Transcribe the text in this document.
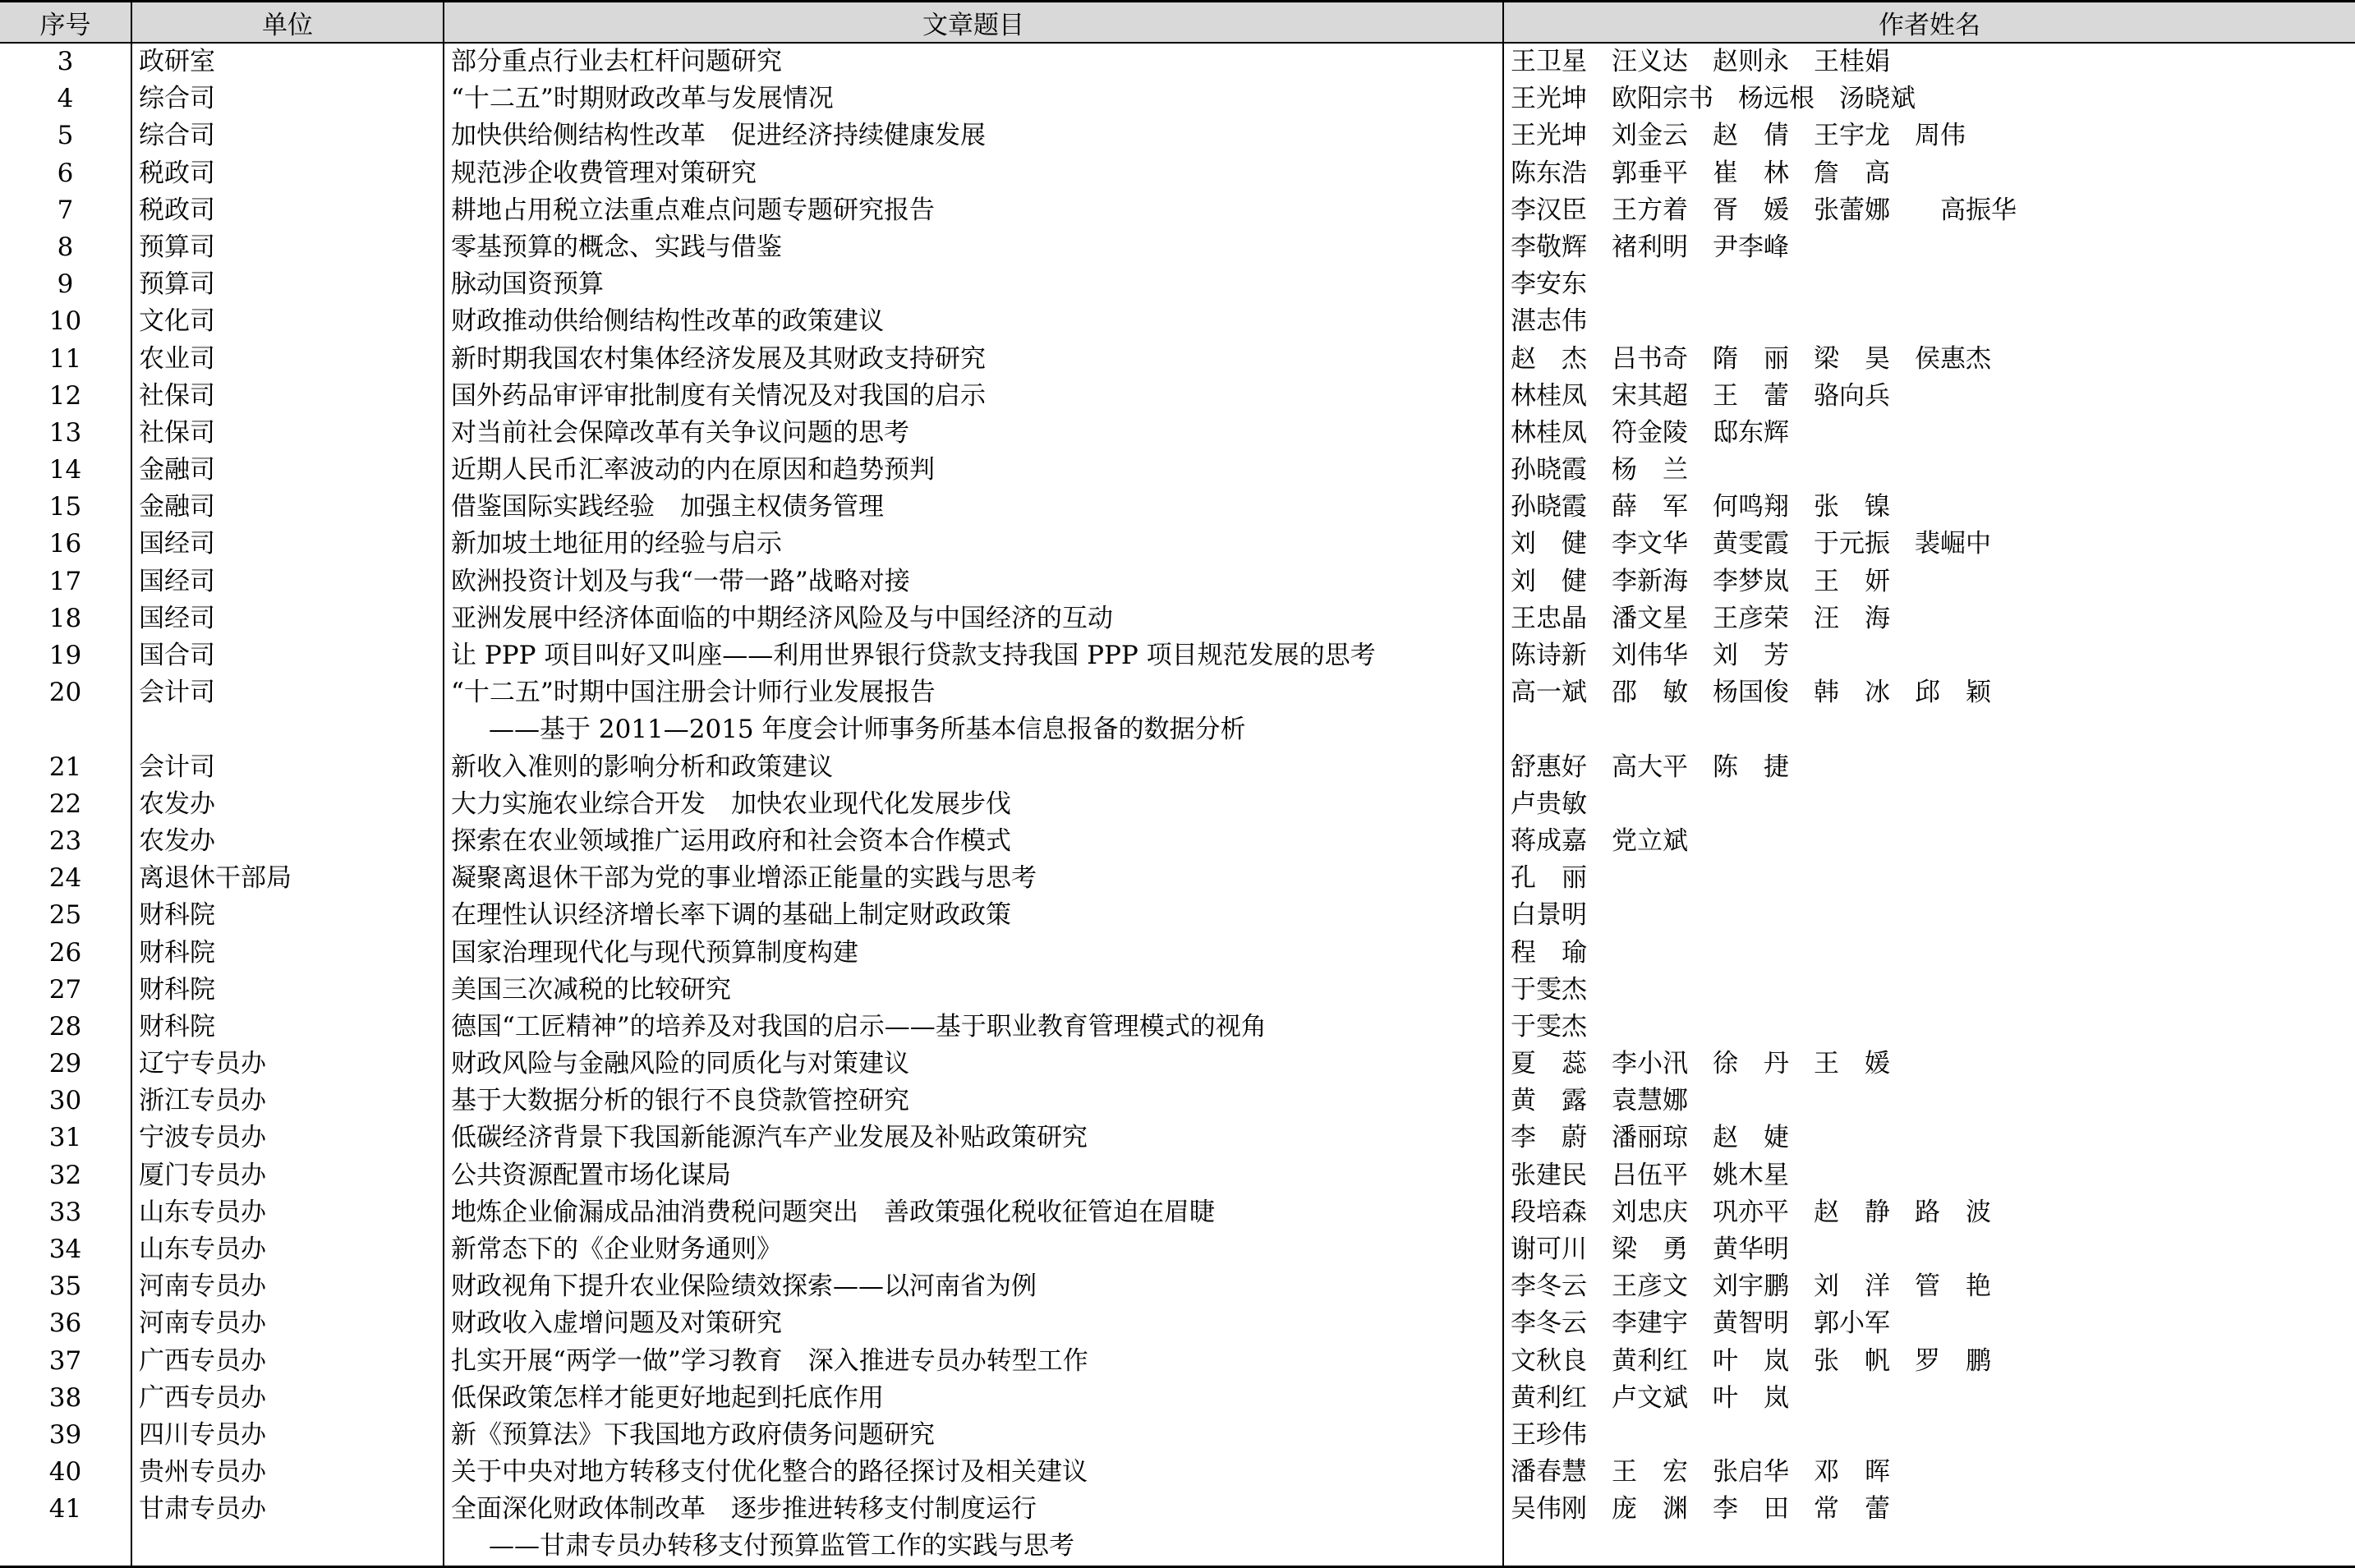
序号	单位	文章题目	作者姓名
3	政研室	部分重点行业去杠杆问题研究	王卫星 汪义达 赵则永 王桂娟
4	综合司	“十二五”时期财政改革与发展情况	王光坤 欧阳宗书 杨远根 汤晓斌
5	综合司	加快供给侧结构性改革　促进经济持续健康发展	王光坤 刘金云 赵　倩 王宇龙 周伟
6	税政司	规范涉企收费管理对策研究	陈东浩 郭垂平 崔　林 詹　高
7	税政司	耕地占用税立法重点难点问题专题研究报告	李汉臣 王方着 胥　媛 张蕾娜　高振华
8	预算司	零基预算的概念、实践与借鉴	李敬辉 褚利明 尹李峰
9	预算司	脉动国资预算	李安东
10	文化司	财政推动供给侧结构性改革的政策建议	湛志伟
11	农业司	新时期我国农村集体经济发展及其财政支持研究	赵　杰 吕书奇 隋　丽 梁　昊 侯惠杰
12	社保司	国外药品审评审批制度有关情况及对我国的启示	林桂凤 宋其超 王　蕾 骆向兵
13	社保司	对当前社会保障改革有关争议问题的思考	林桂凤 符金陵 邸东辉
14	金融司	近期人民币汇率波动的内在原因和趋势预判	孙晓霞 杨　兰
15	金融司	借鉴国际实践经验　加强主权债务管理	孙晓霞 薛　军 何鸣翔 张　镍
16	国经司	新加坡土地征用的经验与启示	刘　健 李文华 黄雯霞 于元振 裴崛中
17	国经司	欧洲投资计划及与我“一带一路”战略对接	刘　健 李新海 李梦岚 王　妍
18	国经司	亚洲发展中经济体面临的中期经济风险及与中国经济的互动	王忠晶 潘文星 王彦荣 汪　海
19	国合司	让 PPP 项目叫好又叫座——利用世界银行贷款支持我国 PPP 项目规范发展的思考	陈诗新 刘伟华 刘　芳
20	会计司	“十二五”时期中国注册会计师行业发展报告
——基于 2011—2015 年度会计师事务所基本信息报备的数据分析	高一斌 邵　敏 杨国俊 韩　冰 邱　颖
21	会计司	新收入准则的影响分析和政策建议	舒惠好 高大平 陈　捷
22	农发办	大力实施农业综合开发　加快农业现代化发展步伐	卢贵敏
23	农发办	探索在农业领域推广运用政府和社会资本合作模式	蒋成嘉 党立斌
24	离退休干部局	凝聚离退休干部为党的事业增添正能量的实践与思考	孔　丽
25	财科院	在理性认识经济增长率下调的基础上制定财政政策	白景明
26	财科院	国家治理现代化与现代预算制度构建	程　瑜
27	财科院	美国三次减税的比较研究	于雯杰
28	财科院	德国“工匠精神”的培养及对我国的启示——基于职业教育管理模式的视角	于雯杰
29	辽宁专员办	财政风险与金融风险的同质化与对策建议	夏　蕊 李小汛 徐　丹 王　媛
30	浙江专员办	基于大数据分析的银行不良贷款管控研究	黄　露 袁慧娜
31	宁波专员办	低碳经济背景下我国新能源汽车产业发展及补贴政策研究	李　蔚 潘丽琼 赵　婕
32	厦门专员办	公共资源配置市场化谋局	张建民 吕伍平 姚木星
33	山东专员办	地炼企业偷漏成品油消费税问题突出　善政策强化税收征管迫在眉睫	段培森 刘忠庆 巩亦平 赵　静 路　波
34	山东专员办	新常态下的《企业财务通则》	谢可川 梁　勇 黄华明
35	河南专员办	财政视角下提升农业保险绩效探索——以河南省为例	李冬云 王彦文 刘宇鹏 刘　洋 管　艳
36	河南专员办	财政收入虚增问题及对策研究	李冬云 李建宇 黄智明 郭小军
37	广西专员办	扎实开展“两学一做”学习教育　深入推进专员办转型工作	文秋良 黄利红 叶　岚 张　帆 罗　鹏
38	广西专员办	低保政策怎样才能更好地起到托底作用	黄利红 卢文斌 叶　岚
39	四川专员办	新《预算法》下我国地方政府债务问题研究	王珍伟
40	贵州专员办	关于中央对地方转移支付优化整合的路径探讨及相关建议	潘春慧 王　宏 张启华 邓　晖
41	甘肃专员办	全面深化财政体制改革　逐步推进转移支付制度运行
——甘肃专员办转移支付预算监管工作的实践与思考	吴伟刚 庞　渊 李　田 常　蕾
